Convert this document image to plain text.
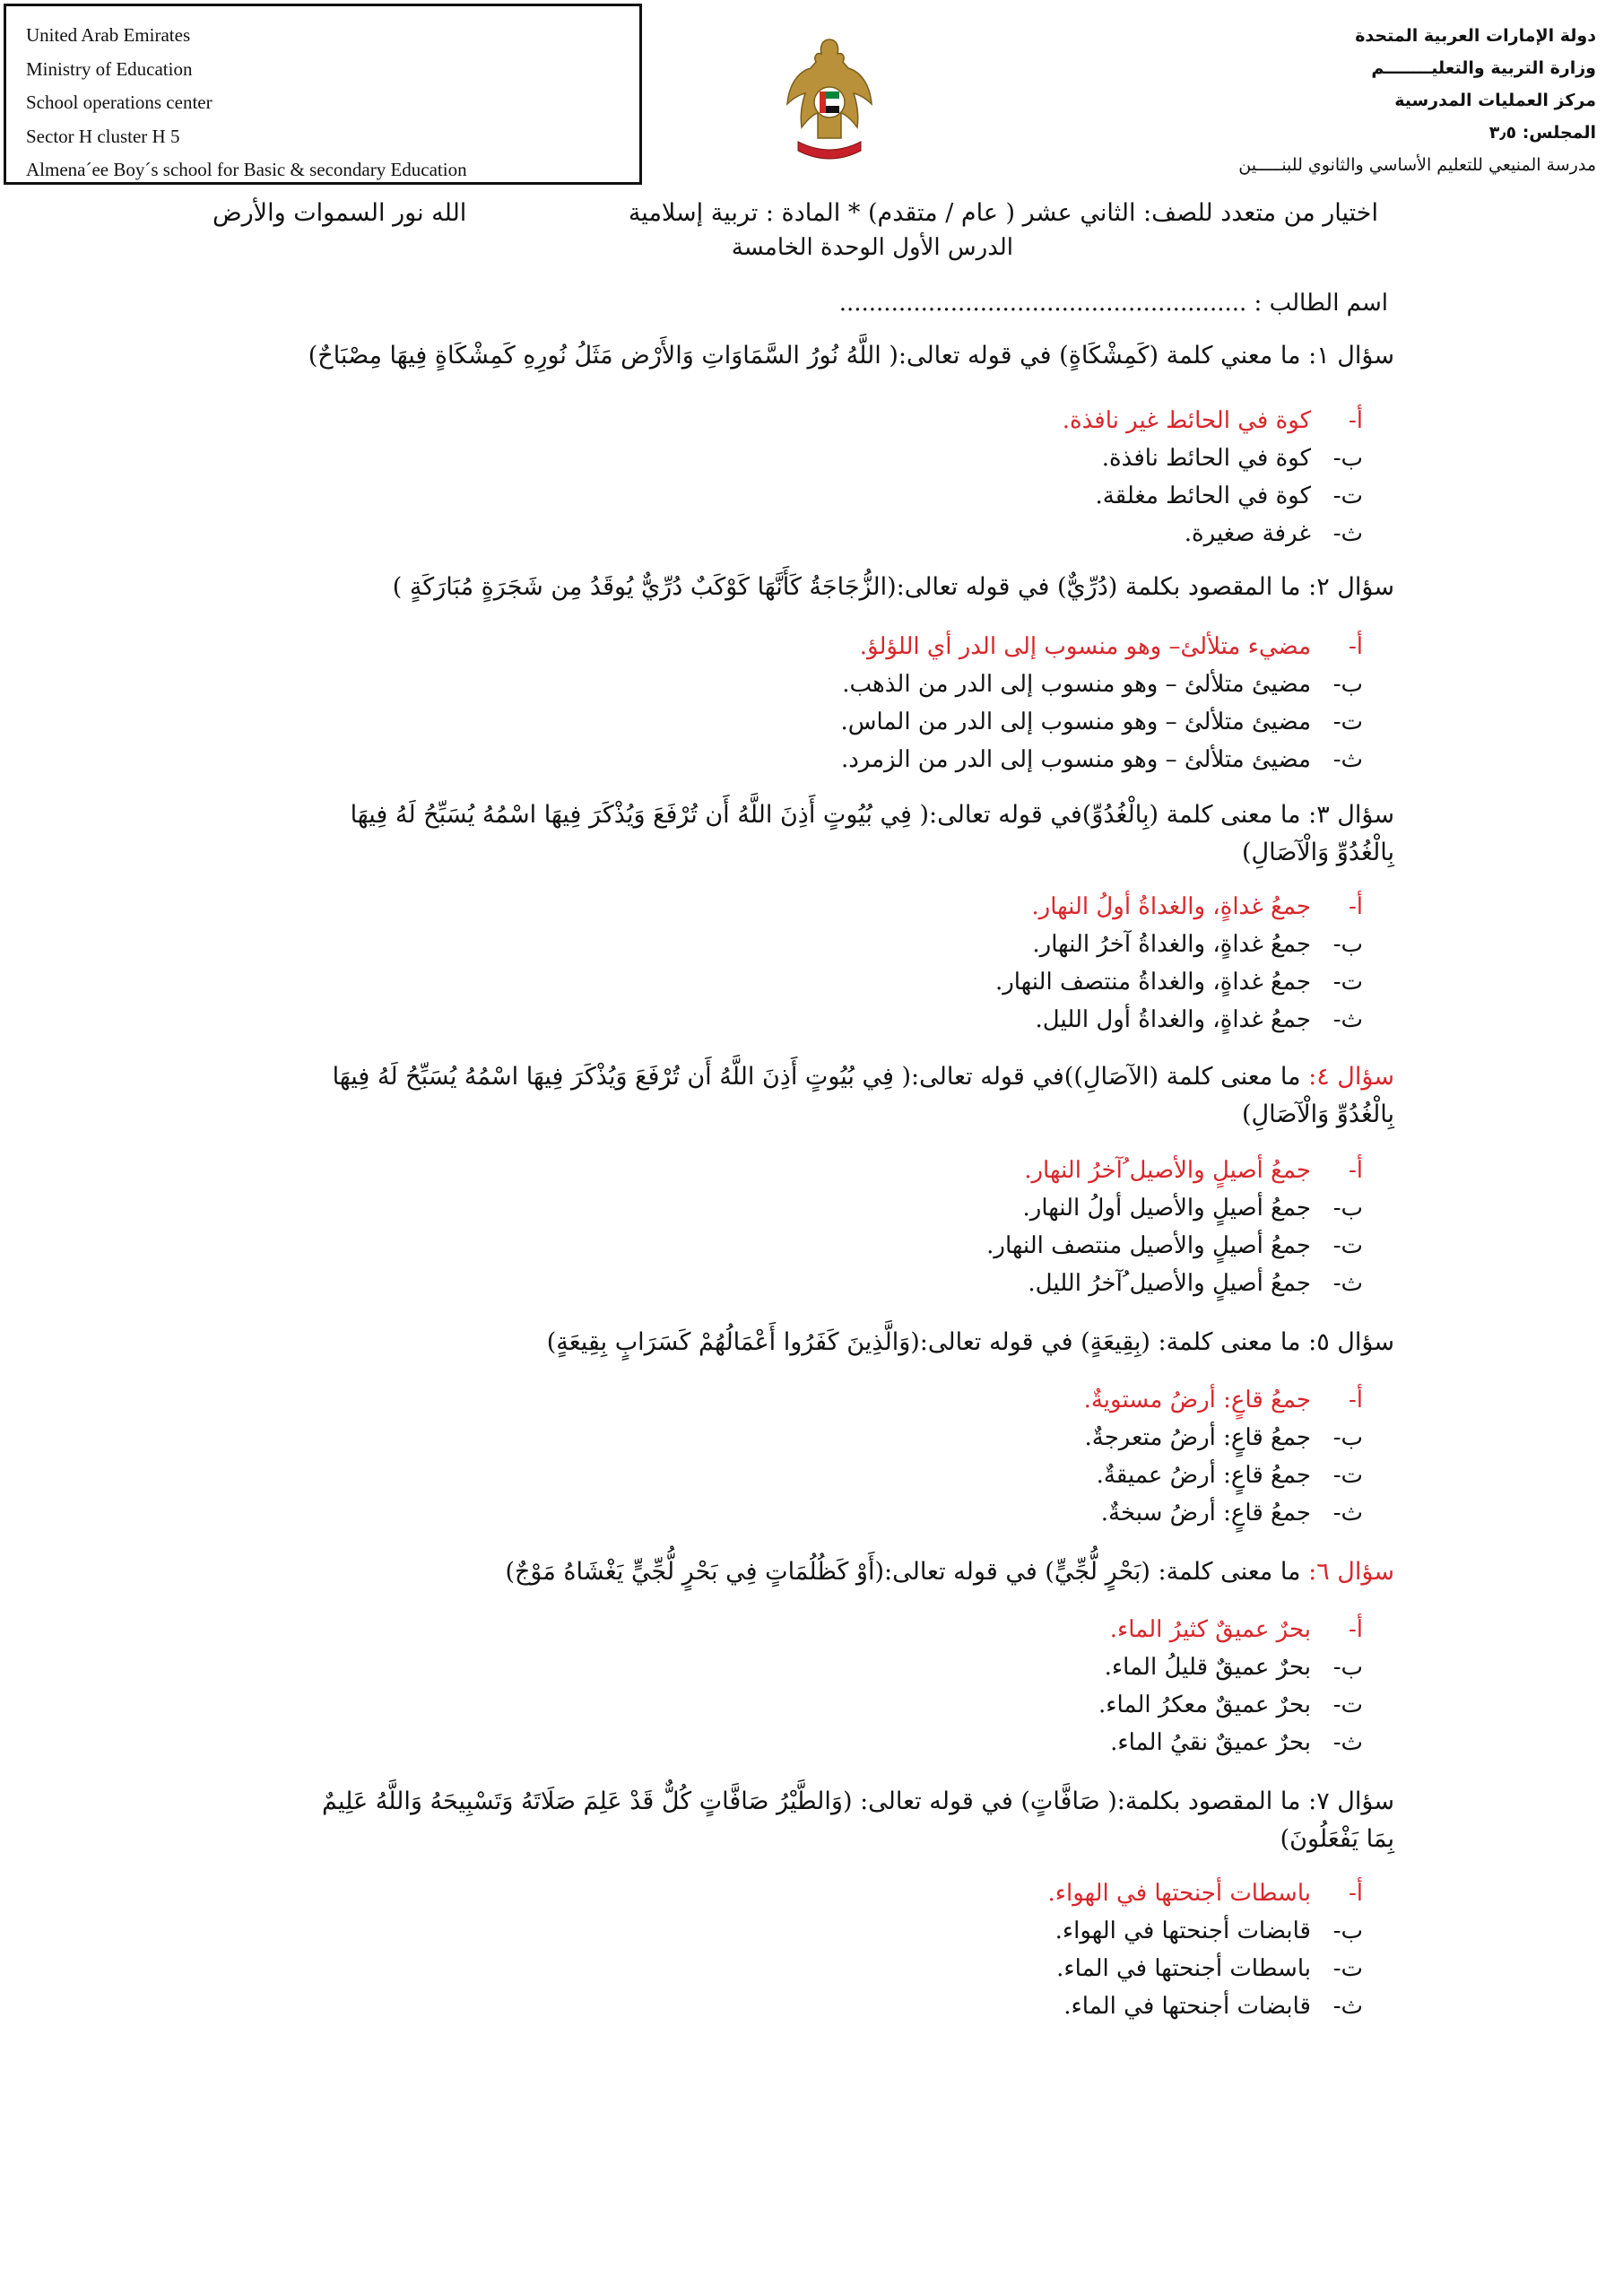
United Arab Emirates
Ministry of Education
School operations center
Sector H cluster H 5
Almena´ee Boy´s school for Basic & secondary Education
دولة الإمارات العربية المتحدة
وزارة التربية والتعليــــــــم
مركز العمليات المدرسية
المجلس: ٣٫٥
مدرسة المنيعي للتعليم الأساسي والثانوي للبنـــــين
اختيار من متعدد للصف: الثاني عشر ( عام / متقدم) * المادة : تربية إسلامية
الله نور السموات والأرض
الدرس الأول الوحدة الخامسة
اسم الطالب : .......................................................
سؤال ١: ما معني كلمة (كَمِشْكَاةٍ) في قوله تعالى:( اللَّهُ نُورُ السَّمَاوَاتِ وَالأَرْض مَثَلُ نُورِهِ كَمِشْكَاةٍ فِيهَا مِصْبَاحٌ)
أ-
كوة في الحائط غير نافذة.
ب-
كوة في الحائط نافذة.
ت-
كوة في الحائط مغلقة.
ث-
غرفة صغيرة.
سؤال ٢: ما المقصود بكلمة (دُرِّيٌّ) في قوله تعالى:(الزُّجَاجَةُ كَأَنَّهَا كَوْكَبٌ دُرِّيٌّ يُوقَدُ مِن شَجَرَةٍ مُبَارَكَةٍ )
أ-
مضيء متلألئ– وهو منسوب إلى الدر أي اللؤلؤ.
ب-
مضيئ متلألئ – وهو منسوب إلى الدر من الذهب.
ت-
مضيئ متلألئ – وهو منسوب إلى الدر من الماس.
ث-
مضيئ متلألئ – وهو منسوب إلى الدر من الزمرد.
سؤال ٣: ما معنى كلمة (بِالْغُدُوِّ)في قوله تعالى:( فِي بُيُوتٍ أَذِنَ اللَّهُ أَن تُرْفَعَ وَيُذْكَرَ فِيهَا اسْمُهُ يُسَبِّحُ لَهُ فِيهَا بِالْغُدُوِّ وَالْآصَالِ)
أ-
جمعُ غداةٍ، والغداةُ أولُ النهار.
ب-
جمعُ غداةٍ، والغداةُ آخرُ النهار.
ت-
جمعُ غداةٍ، والغداةُ منتصف النهار.
ث-
جمعُ غداةٍ، والغداةُ أول الليل.
سؤال ٤: ما معنى كلمة (الآصَالِ))في قوله تعالى:( فِي بُيُوتٍ أَذِنَ اللَّهُ أَن تُرْفَعَ وَيُذْكَرَ فِيهَا اسْمُهُ يُسَبِّحُ لَهُ فِيهَا بِالْغُدُوِّ وَالْآصَالِ)
أ-
جمعُ أصيلٍ والأصيل ُآخرُ النهار.
ب-
جمعُ أصيلٍ والأصيل أولُ النهار.
ت-
جمعُ أصيلٍ والأصيل منتصف النهار.
ث-
جمعُ أصيلٍ والأصيل ُآخرُ الليل.
سؤال ٥: ما معنى كلمة: (بِقِيعَةٍ) في قوله تعالى:(وَالَّذِينَ كَفَرُوا أَعْمَالُهُمْ كَسَرَابٍ بِقِيعَةٍ)
أ-
جمعُ قاعٍ: أرضُ مستويةٌ.
ب-
جمعُ قاعٍ: أرضُ متعرجةٌ.
ت-
جمعُ قاعٍ: أرضُ عميقةٌ.
ث-
جمعُ قاعٍ: أرضُ سبخةٌ.
سؤال ٦: ما معنى كلمة: (بَحْرٍ لُّجِّيٍّ) في قوله تعالى:(أَوْ كَظُلُمَاتٍ فِي بَحْرٍ لُّجِّيٍّ يَغْشَاهُ مَوْجٌ)
أ-
بحرٌ عميقٌ كثيرُ الماء.
ب-
بحرٌ عميقٌ قليلُ الماء.
ت-
بحرٌ عميقٌ معكرُ الماء.
ث-
بحرٌ عميقٌ نقيُ الماء.
سؤال ٧: ما المقصود بكلمة:( صَافَّاتٍ) في قوله تعالى: (وَالطَّيْرُ صَافَّاتٍ كُلٌّ قَدْ عَلِمَ صَلَاتَهُ وَتَسْبِيحَهُ وَاللَّهُ عَلِيمٌ بِمَا يَفْعَلُونَ)
أ-
باسطات أجنحتها في الهواء.
ب-
قابضات أجنحتها في الهواء.
ت-
باسطات أجنحتها في الماء.
ث-
قابضات أجنحتها في الماء.
